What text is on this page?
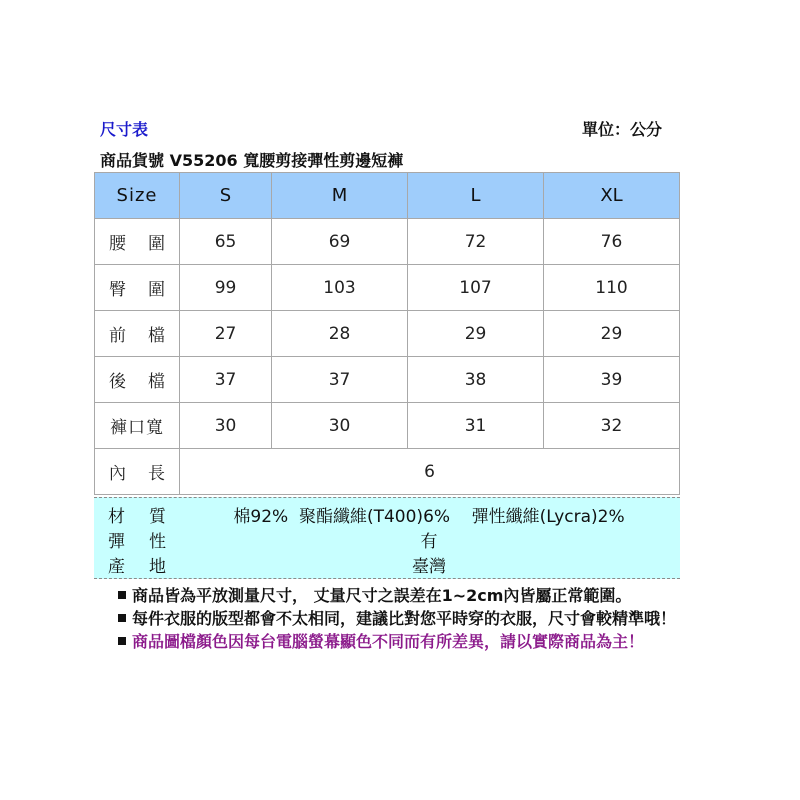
尺寸表	單位：公分
商品貨號 V55206 寬腰剪接彈性剪邊短褲
Size	S	M	L	XL

腰 圍	65	69	72	76

臀 圍	99	103	107	110

前 檔	27	28	29	29

後 檔	37	37	38	39
褲口寬	30	30	31	32

內 長	6			
材 質	棉92%  聚酯纖維(T400)6%    彈性纖維(Lycra)2%
彈 性	有
產 地	臺灣
商品皆為平放測量尺寸， 丈量尺寸之誤差在1~2cm內皆屬正常範圍。
每件衣服的版型都會不太相同，建議比對您平時穿的衣服，尺寸會較精準哦！
商品圖檔顏色因每台電腦螢幕顯色不同而有所差異，請以實際商品為主！
